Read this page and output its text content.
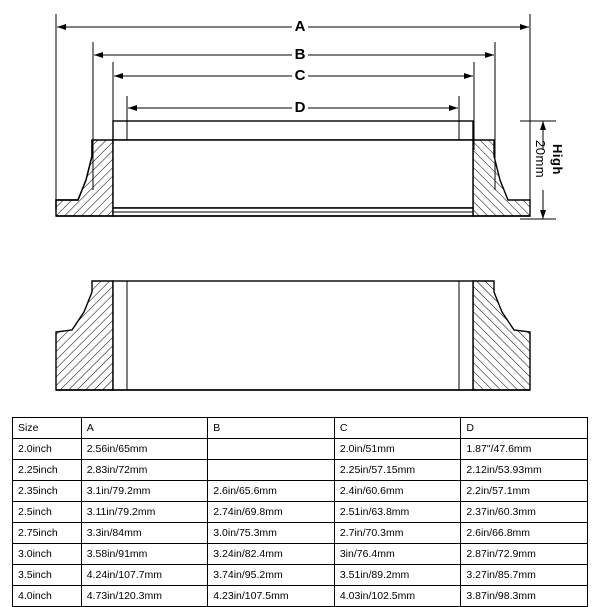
A
B
C
D
20mm High
Size	A	B	C	D
2.0inch	2.56in/65mm		2.0in/51mm	1.87"/47.6mm
2.25inch	2.83in/72mm		2.25in/57.15mm	2.12in/53.93mm
2.35inch	3.1in/79.2mm	2.6in/65.6mm	2.4in/60.6mm	2.2in/57.1mm
2.5inch	3.11in/79.2mm	2.74in/69.8mm	2.51in/63.8mm	2.37in/60.3mm
2.75inch	3.3in/84mm	3.0in/75.3mm	2.7in/70.3mm	2.6in/66.8mm
3.0inch	3.58in/91mm	3.24in/82.4mm	3in/76.4mm	2.87in/72.9mm
3.5inch	4.24in/107.7mm	3.74in/95.2mm	3.51in/89.2mm	3.27in/85.7mm
4.0inch	4.73in/120.3mm	4.23in/107.5mm	4.03in/102.5mm	3.87in/98.3mm
